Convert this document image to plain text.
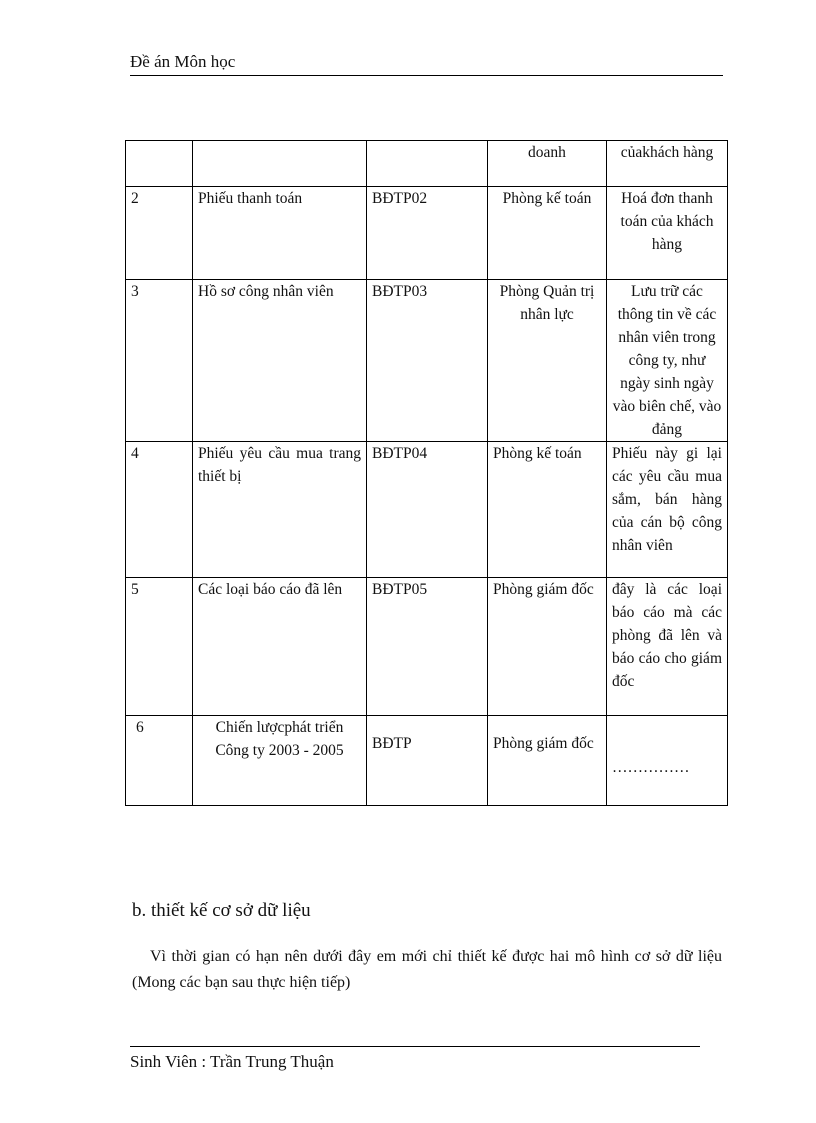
Đề án Môn học
			doanh	củakhách hàng
2	Phiếu thanh toán	BĐTP02	Phòng kế toán	Hoá đơn thanh toán của khách hàng
3	Hồ sơ công nhân viên	BĐTP03	Phòng Quản trị nhân lực	Lưu trữ các thông tin về các nhân viên trong công ty, như ngày sinh ngày vào biên chế, vào đảng
4	Phiếu yêu cầu mua trang thiết bị	BĐTP04	Phòng kế toán	Phiếu này gi lại các yêu cầu mua sắm, bán hàng của cán bộ công nhân viên
5	Các loại báo cáo đã lên	BĐTP05	Phòng giám đốc	đây là các loại báo cáo mà các phòng đã lên và báo cáo cho giám đốc
6	Chiến lượcphát triển Công ty 2003 - 2005	BĐTP	Phòng giám đốc	……………
b. thiết kế cơ sở dữ liệu
Vì thời gian có hạn nên dưới đây em mới chỉ thiết kế được hai mô hình cơ sở dữ liệu (Mong các bạn sau thực hiện tiếp)
Sinh Viên : Trần Trung Thuận
